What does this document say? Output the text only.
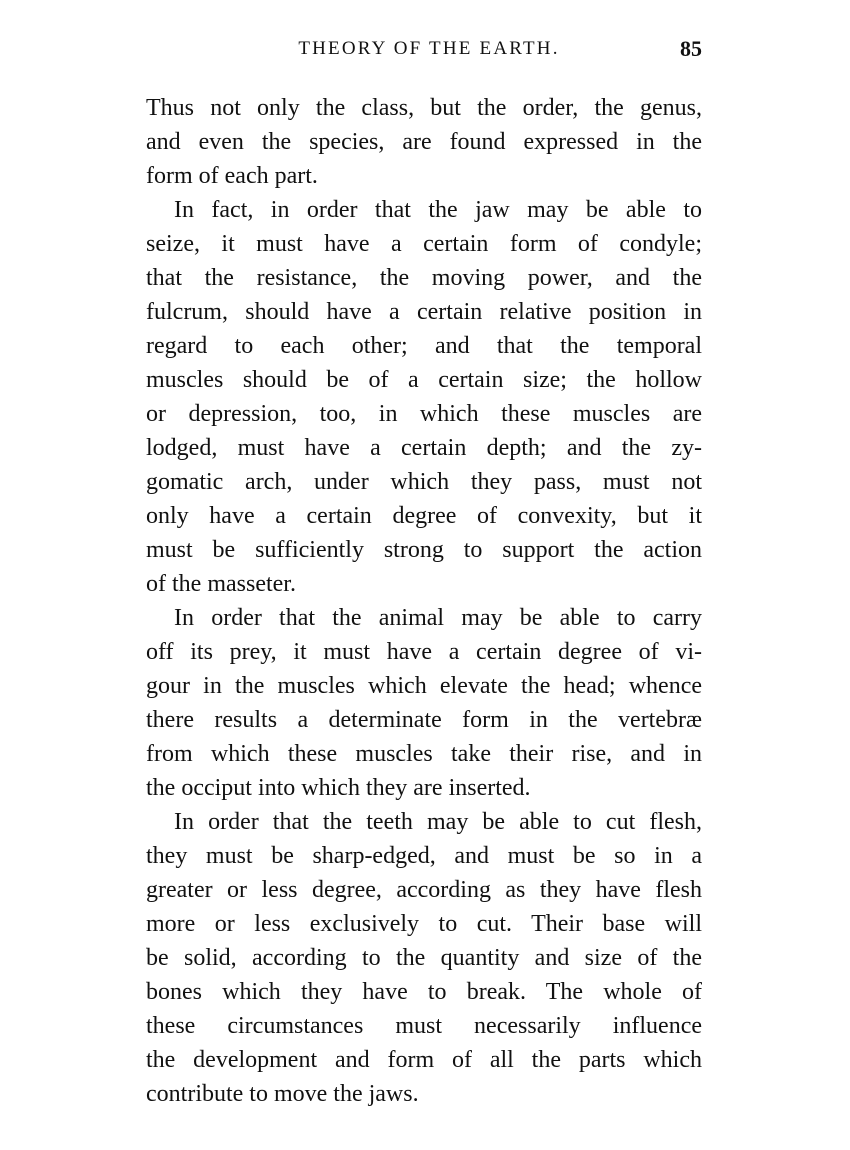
THEORY OF THE EARTH.	85
Thus not only the class, but the order, the genus,
and even the species, are found expressed in the
form of each part.
In fact, in order that the jaw may be able to
seize, it must have a certain form of condyle;
that the resistance, the moving power, and the
fulcrum, should have a certain relative position in
regard to each other; and that the temporal
muscles should be of a certain size; the hollow
or depression, too, in which these muscles are
lodged, must have a certain depth; and the zy-
gomatic arch, under which they pass, must not
only have a certain degree of convexity, but it
must be sufficiently strong to support the action
of the masseter.
In order that the animal may be able to carry
off its prey, it must have a certain degree of vi-
gour in the muscles which elevate the head; whence
there results a determinate form in the vertebræ
from which these muscles take their rise, and in
the occiput into which they are inserted.
In order that the teeth may be able to cut flesh,
they must be sharp-edged, and must be so in a
greater or less degree, according as they have flesh
more or less exclusively to cut. Their base will
be solid, according to the quantity and size of the
bones which they have to break. The whole of
these circumstances must necessarily influence
the development and form of all the parts which
contribute to move the jaws.
